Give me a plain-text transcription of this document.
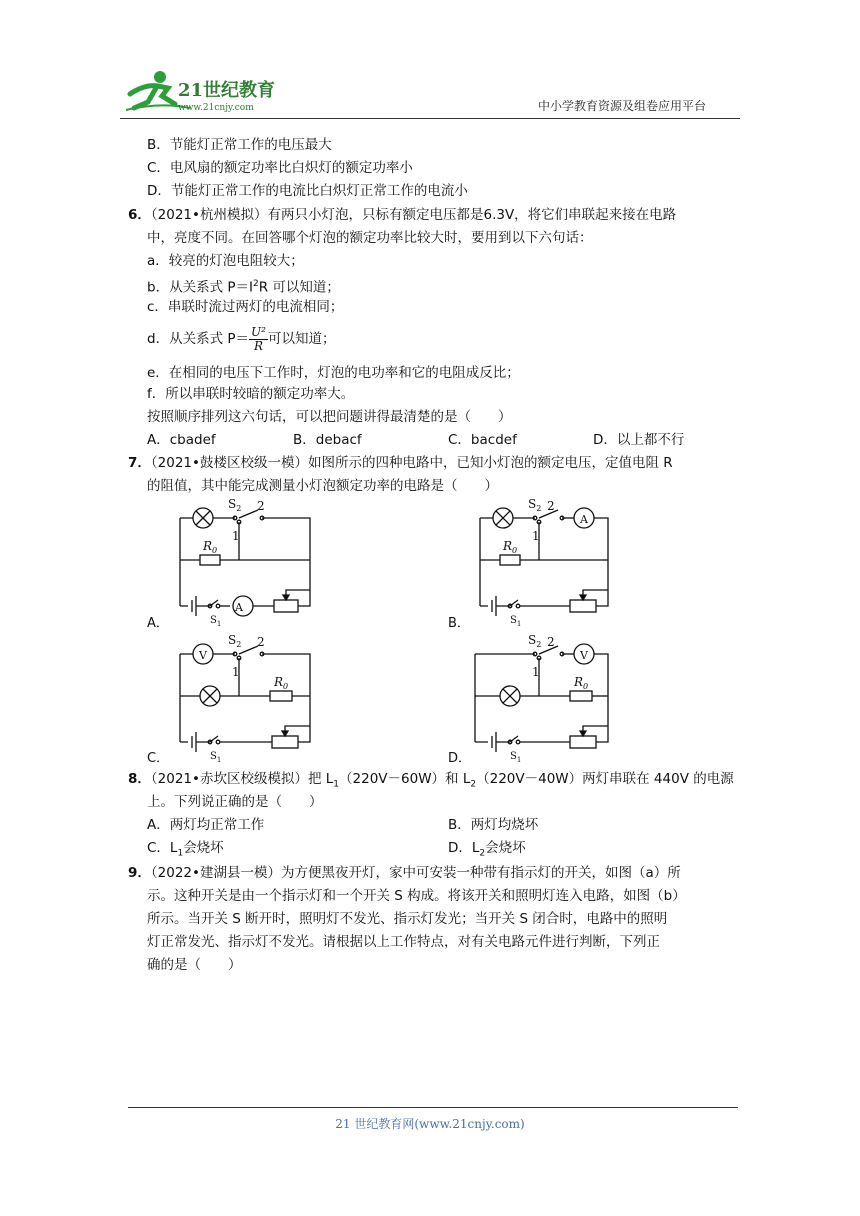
21世纪教育
www.21cnjy.com	中小学教育资源及组卷应用平台
B．节能灯正常工作的电压最大
C．电风扇的额定功率比白炽灯的额定功率小
D．节能灯正常工作的电流比白炽灯正常工作的电流小
6．（2021•杭州模拟）有两只小灯泡，只标有额定电压都是6.3V，将它们串联起来接在电路
中，亮度不同。在回答哪个灯泡的额定功率比较大时，要用到以下六句话：
a．较亮的灯泡电阻较大；
b．从关系式 $P=I^2R$ 可以知道；
c．串联时流过两灯的电流相同；
d．从关系式 $P= \frac{\text{U²}}{R}$ 可以知道；
e．在相同的电压下工作时，灯泡的电功率和它的电阻成反比；
f．所以串联时较暗的额定功率大。
按照顺序排列这六句话，可以把问题讲得最清楚的是（　　）
A．cbadef	B．debacf	C．bacdef	D．以上都不行
7．（2021•鼓楼区校级一模）如图所示的四种电路中，已知小灯泡的额定电压，定值电阻 R
的阻值，其中能完成测量小灯泡额定功率的电路是（　　）
$S_2$ 2
1
$R_0$
A
$S_1$
A．
$S_2$ 2
1
$R_0$
A
$S_1$
B．
$S_2$ 2
1
V
$R_0$
$S_1$
C．
$S_2$ 2
1
V
$R_0$
$S_1$
D．
8．（2021•赤坎区校级模拟）把 $L_1(220V-60W)$和 $L_2(220V-40W)$两灯串联在 440V 的电源
上。下列说正确的是（　　）
A．两灯均正常工作	B．两灯均烧坏
C．$L_1$会烧坏	D．$L_2$会烧坏
9．（2022•建湖县一模）为方便黑夜开灯，家中可安装一种带有指示灯的开关，如图（a）所
示。这种开关是由一个指示灯和一个开关 S 构成。将该开关和照明灯连入电路，如图（b）
所示。当开关 S 断开时，照明灯不发光、指示灯发光；当开关 S 闭合时，电路中的照明
灯正常发光、指示灯不发光。请根据以上工作特点，对有关电路元件进行判断，下列正
确的是（　　）
21 世纪教育网(www.21cnjy.com)
